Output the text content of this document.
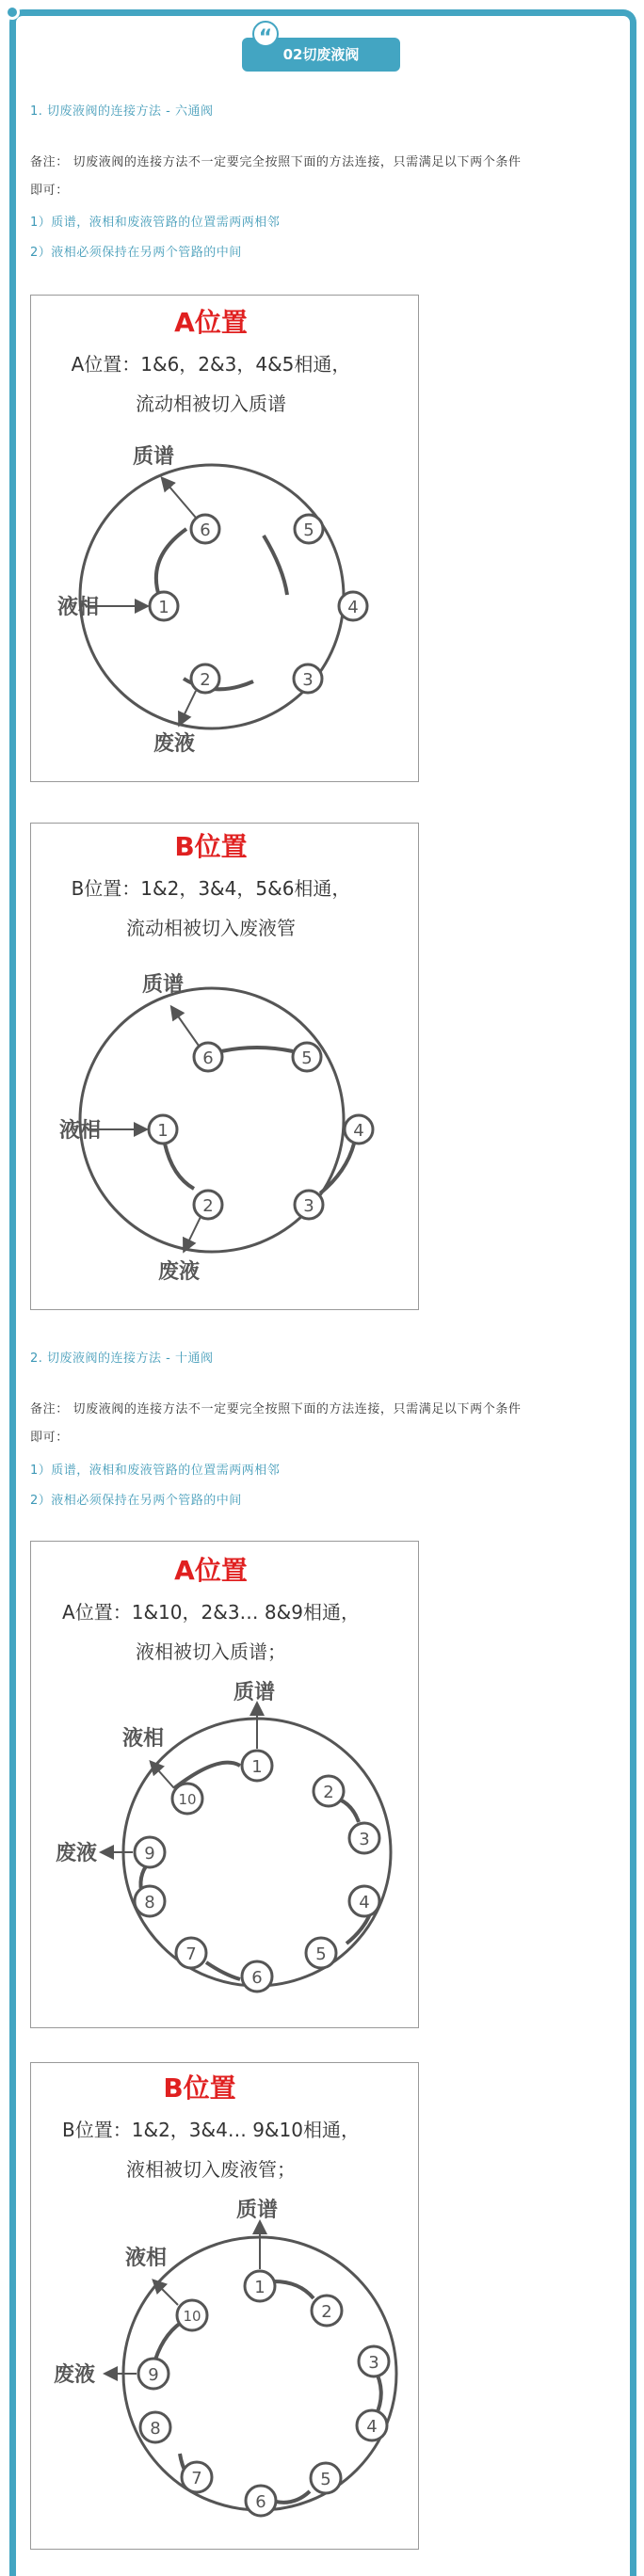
02切废液阀
“
1. 切废液阀的连接方法 - 六通阀
备注： 切废液阀的连接方法不一定要完全按照下面的方法连接，只需满足以下两个条件
即可：
1）质谱，液相和废液管路的位置需两两相邻
2）液相必须保持在另两个管路的中间
A位置
A位置：1&6，2&3，4&5相通，
流动相被切入质谱
1
2	3
4
5
6
质谱
液相
废液
B位置
B位置：1&2，3&4，5&6相通，
流动相被切入废液管
1
2	3
4
5
6
质谱
液相
废液
2. 切废液阀的连接方法 - 十通阀
备注： 切废液阀的连接方法不一定要完全按照下面的方法连接，只需满足以下两个条件
即可：
1）质谱，液相和废液管路的位置需两两相邻
2）液相必须保持在另两个管路的中间
A位置
A位置：1&10，2&3… 8&9相通，
液相被切入质谱；
1
2
3
4
5
6
7
8
9
10
质谱
液相
废液
B位置
B位置：1&2，3&4… 9&10相通，
液相被切入废液管；
1
2
3
4
5
6
7
8
9
10
质谱
液相
废液
